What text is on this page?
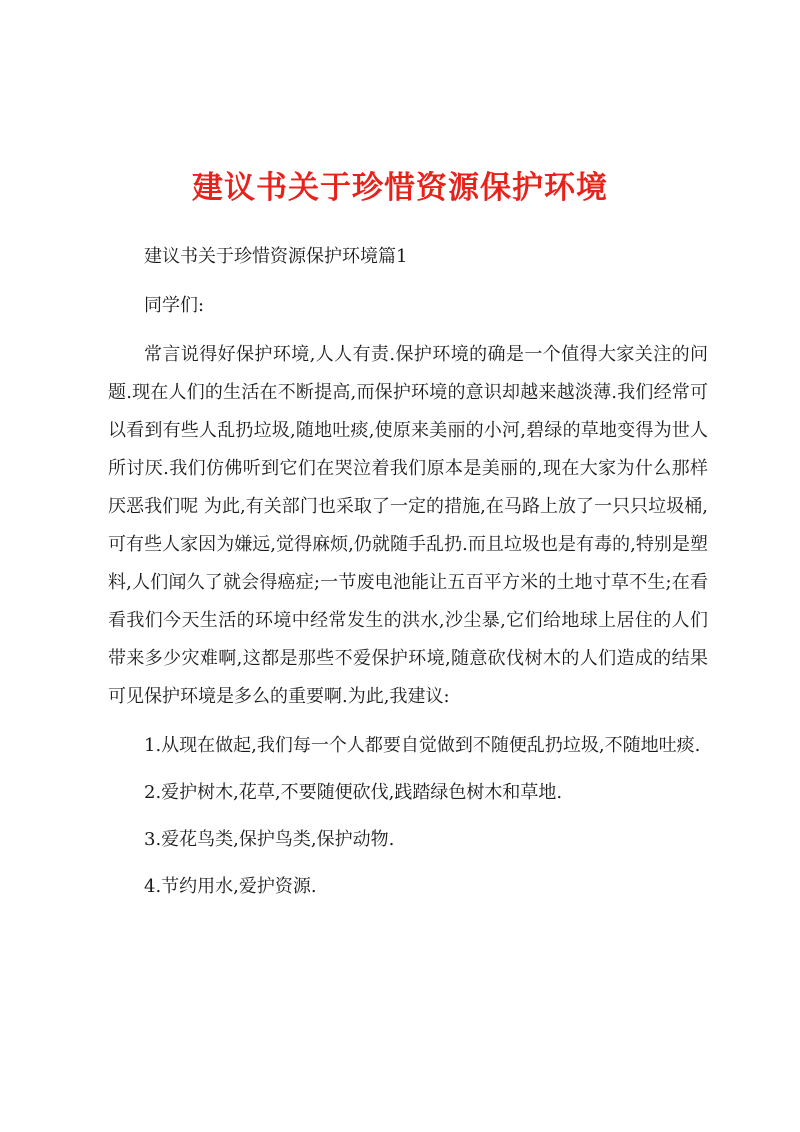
建议书关于珍惜资源保护环境

建议书关于珍惜资源保护环境篇1

同学们:

常言说得好保护环境,人人有责.保护环境的确是一个值得大家关注的问题.现在人们的生活在不断提高,而保护环境的意识却越来越淡薄.我们经常可以看到有些人乱扔垃圾,随地吐痰,使原来美丽的小河,碧绿的草地变得为世人所讨厌.我们仿佛听到它们在哭泣着我们原本是美丽的,现在大家为什么那样厌恶我们呢 为此,有关部门也采取了一定的措施,在马路上放了一只只垃圾桶,可有些人家因为嫌远,觉得麻烦,仍就随手乱扔.而且垃圾也是有毒的,特别是塑料,人们闻久了就会得癌症;一节废电池能让五百平方米的土地寸草不生;在看看我们今天生活的环境中经常发生的洪水,沙尘暴,它们给地球上居住的人们带来多少灾难啊,这都是那些不爱保护环境,随意砍伐树木的人们造成的结果可见保护环境是多么的重要啊.为此,我建议:

1.从现在做起,我们每一个人都要自觉做到不随便乱扔垃圾,不随地吐痰.

2.爱护树木,花草,不要随便砍伐,践踏绿色树木和草地.

3.爱花鸟类,保护鸟类,保护动物.

4.节约用水,爱护资源.
